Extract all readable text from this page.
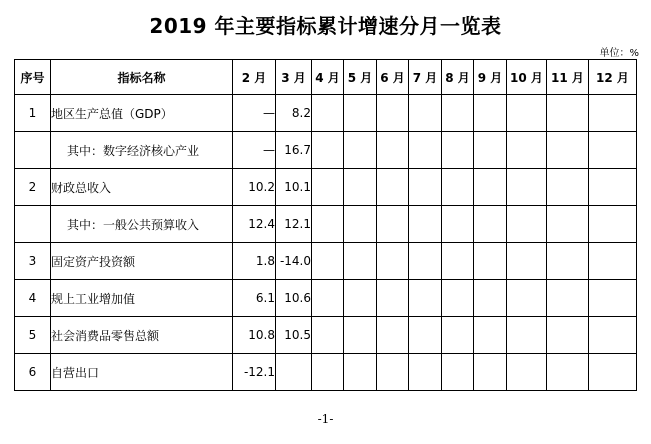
2019 年主要指标累计增速分月一览表
单位：%
序号	指标名称	2 月	3 月	4 月	5 月	6 月	7 月	8 月	9 月	10 月	11 月	12 月
1	地区生产总值（GDP）	—	8.2									
	其中：数字经济核心产业	—	16.7									
2	财政总收入	10.2	10.1									
	其中：一般公共预算收入	12.4	12.1									
3	固定资产投资额	1.8	-14.0									
4	规上工业增加值	6.1	10.6									
5	社会消费品零售总额	10.8	10.5									
6	自营出口	-12.1										
-1-
